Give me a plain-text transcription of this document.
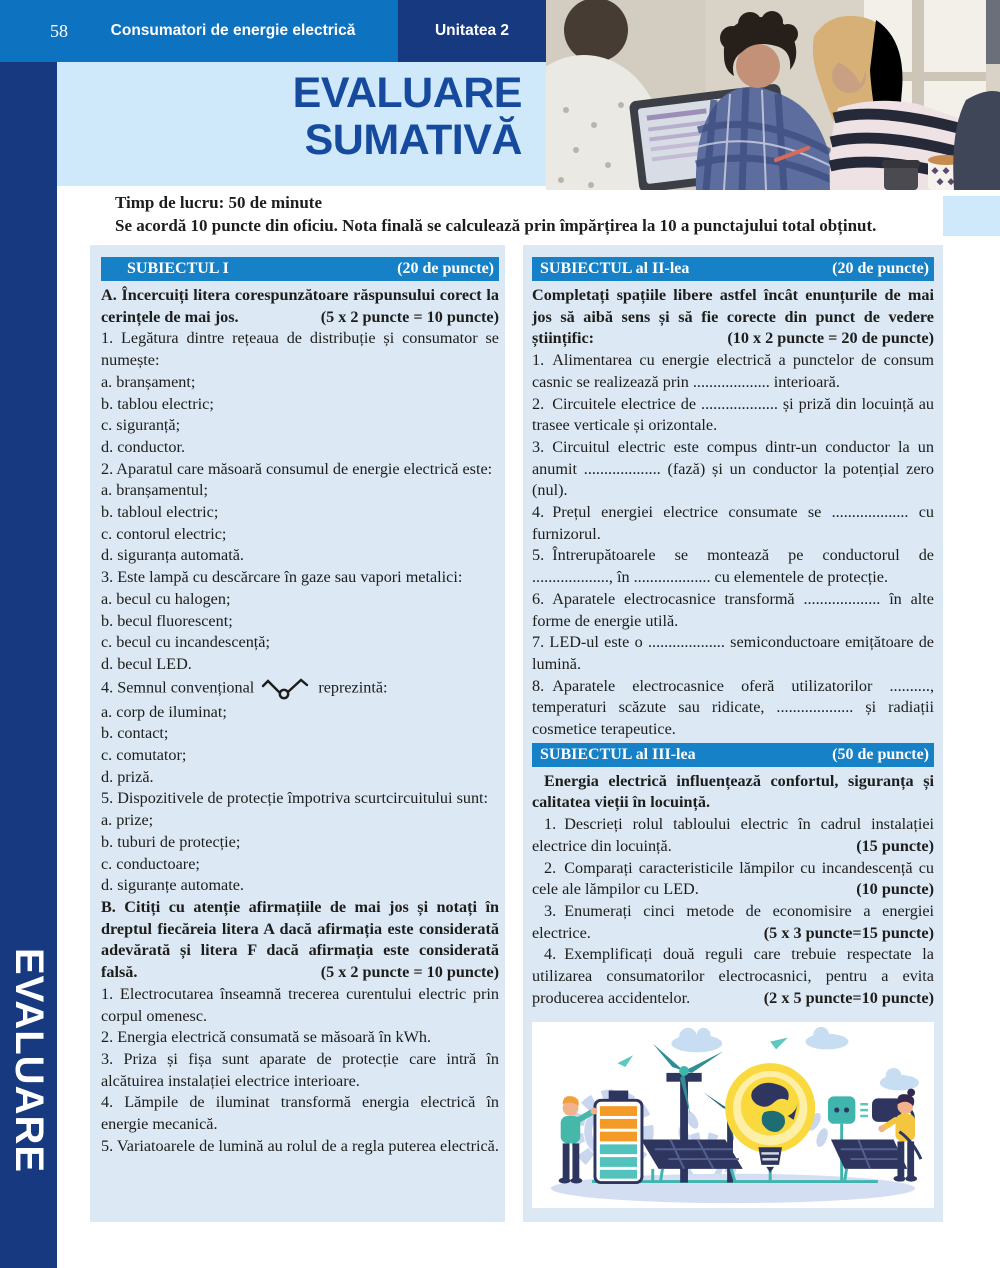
EVALUARE
58	Consumatori de energie electrică	Unitatea 2
EVALUARE
SUMATIVĂ

Timp de lucru: 50 de minute

Se acordă 10 puncte din oficiu. Nota finală se calculează prin împărțirea la 10 a punctajului total obținut.

SUBIECTUL I	(20 de puncte)

A. Încercuiți litera corespunzătoare răspunsului corect la cerințele de mai jos.	(5 x 2 puncte = 10 puncte)

1. Legătura dintre rețeaua de distribuție și consumator se numește:

a. branșament;

b. tablou electric;

c. siguranță;

d. conductor.

2. Aparatul care măsoară consumul de energie electrică este:

a. branșamentul;

b. tabloul electric;

c. contorul electric;

d. siguranța automată.

3. Este lampă cu descărcare în gaze sau vapori metalici:

a. becul cu halogen;

b. becul fluorescent;

c. becul cu incandescență;

d. becul LED.

4. Semnul convențional	reprezintă:

a. corp de iluminat;

b. contact;

c. comutator;

d. priză.

5. Dispozitivele de protecție împotriva scurtcircuitului sunt:

a. prize;

b. tuburi de protecție;

c. conductoare;

d. siguranțe automate.

B. Citiți cu atenție afirmațiile de mai jos și notați în dreptul fiecăreia litera A dacă afirmația este considerată adevărată și litera F dacă afirmația este considerată falsă.	(5 x 2 puncte = 10 puncte)

1. Electrocutarea înseamnă trecerea curentului electric prin corpul omenesc.

2. Energia electrică consumată se măsoară în kWh.

3. Priza și fișa sunt aparate de protecție care intră în alcătuirea instalației electrice interioare.

4. Lămpile de iluminat transformă energia electrică în energie mecanică.

5. Variatoarele de lumină au rolul de a regla puterea electrică.

SUBIECTUL al II-lea	(20 de puncte)

Completați spațiile libere astfel încât enunțurile de mai jos să aibă sens și să fie corecte din punct de vedere științific:	(10 x 2 puncte = 20 de puncte)

1. Alimentarea cu energie electrică a punctelor de consum casnic se realizează prin ................... interioară.

2. Circuitele electrice de ................... și priză din locuință au trasee verticale și orizontale.

3. Circuitul electric este compus dintr-un conductor la un anumit ................... (fază) și un conductor la potențial zero (nul).

4. Prețul energiei electrice consumate se ................... cu furnizorul.

5. Întrerupătoarele se montează pe conductorul de ..................., în ................... cu elementele de protecție.

6. Aparatele electrocasnice transformă ................... în alte forme de energie utilă.

7. LED-ul este o ................... semiconductoare emițătoare de lumină.

8. Aparatele electrocasnice oferă utilizatorilor .........., temperaturi scăzute sau ridicate, ................... și radiații cosmetice terapeutice.

SUBIECTUL al III-lea	(50 de puncte)

Energia electrică influențează confortul, siguranța și calitatea vieții în locuință.

1. Descrieți rolul tabloului electric în cadrul instalației electrice din locuință.	(15 puncte)

2. Comparați caracteristicile lămpilor cu incandescență cu cele ale lămpilor cu LED.	(10 puncte)

3. Enumerați cinci metode de economisire a energiei electrice.	(5 x 3 puncte=15 puncte)

4. Exemplificați două reguli care trebuie respectate la utilizarea consumatorilor electrocasnici, pentru a evita producerea accidentelor.	(2 x 5 puncte=10 puncte)
